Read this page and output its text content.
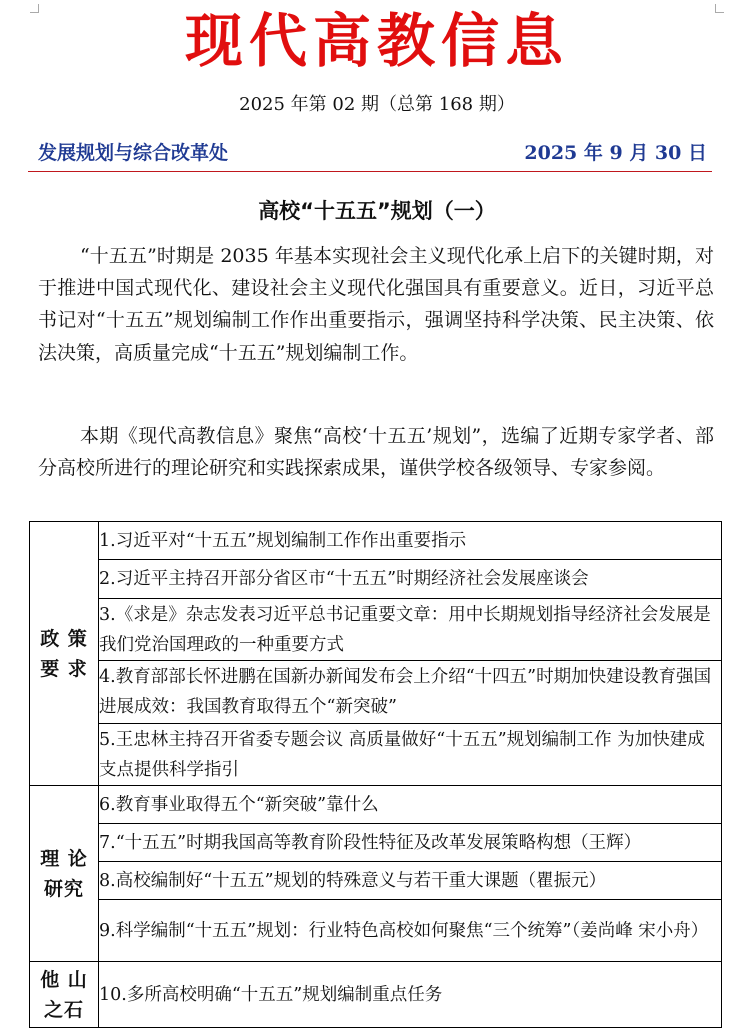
现代高教信息
2025 年第 02 期（总第 168 期）
发展规划与综合改革处	2025 年 9 月 30 日
高校“十五五”规划（一）

“十五五”时期是 2035 年基本实现社会主义现代化承上启下的关键时期，对于推进中国式现代化、建设社会主义现代化强国具有重要意义。近日，习近平总书记对“十五五”规划编制工作作出重要指示，强调坚持科学决策、民主决策、依法决策，高质量完成“十五五”规划编制工作。

本期《现代高教信息》聚焦“高校‘十五五’规划”，选编了近期专家学者、部分高校所进行的理论研究和实践探索成果，谨供学校各级领导、专家参阅。

政 策
要 求	1.习近平对“十五五”规划编制工作作出重要指示
	2.习近平主持召开部分省区市“十五五”时期经济社会发展座谈会
	3.《求是》杂志发表习近平总书记重要文章：用中长期规划指导经济社会发展是我们党治国理政的一种重要方式
	4.教育部部长怀进鹏在国新办新闻发布会上介绍“十四五”时期加快建设教育强国进展成效：我国教育取得五个“新突破”
	5.王忠林主持召开省委专题会议 高质量做好“十五五”规划编制工作 为加快建成支点提供科学指引
理 论
研究	6.教育事业取得五个“新突破”靠什么
	7.“十五五”时期我国高等教育阶段性特征及改革发展策略构想（王辉）
	8.高校编制好“十五五”规划的特殊意义与若干重大课题（瞿振元）
	9.科学编制“十五五”规划：行业特色高校如何聚焦“三个统筹”（姜尚峰 宋小舟）
他 山
之石	10.多所高校明确“十五五”规划编制重点任务
